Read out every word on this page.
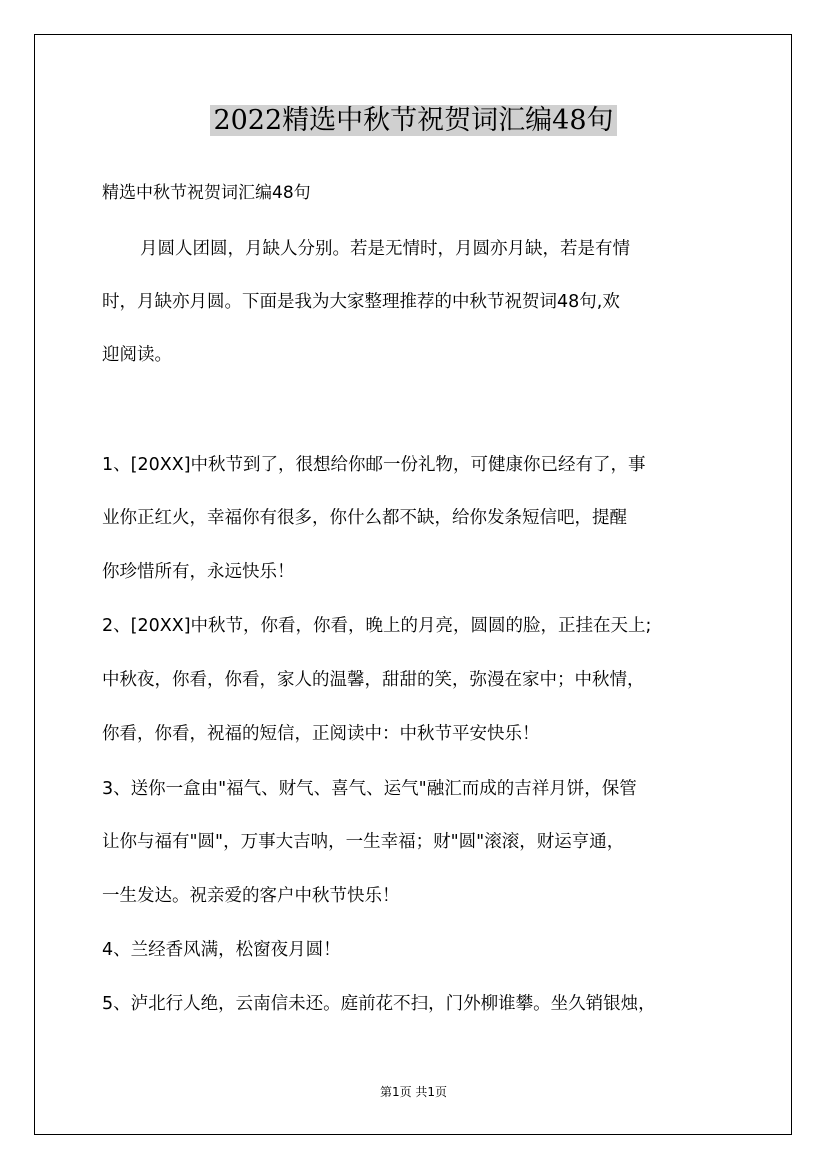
2022精选中秋节祝贺词汇编48句
精选中秋节祝贺词汇编48句
月圆人团圆，月缺人分别。若是无情时，月圆亦月缺，若是有情
时，月缺亦月圆。下面是我为大家整理推荐的中秋节祝贺词48句,欢
迎阅读。
1、[20XX]中秋节到了，很想给你邮一份礼物，可健康你已经有了，事
业你正红火，幸福你有很多，你什么都不缺，给你发条短信吧，提醒
你珍惜所有，永远快乐！
2、[20XX]中秋节，你看，你看，晚上的月亮，圆圆的脸，正挂在天上;
中秋夜，你看，你看，家人的温馨，甜甜的笑，弥漫在家中；中秋情，
你看，你看，祝福的短信，正阅读中：中秋节平安快乐！
3、送你一盒由"福气、财气、喜气、运气"融汇而成的吉祥月饼，保管
让你与福有"圆"，万事大吉呐，一生幸福；财"圆"滚滚，财运亨通，
一生发达。祝亲爱的客户中秋节快乐！
4、兰经香风满，松窗夜月圆！
5、泸北行人绝，云南信未还。庭前花不扫，门外柳谁攀。坐久销银烛，
第1页 共1页
